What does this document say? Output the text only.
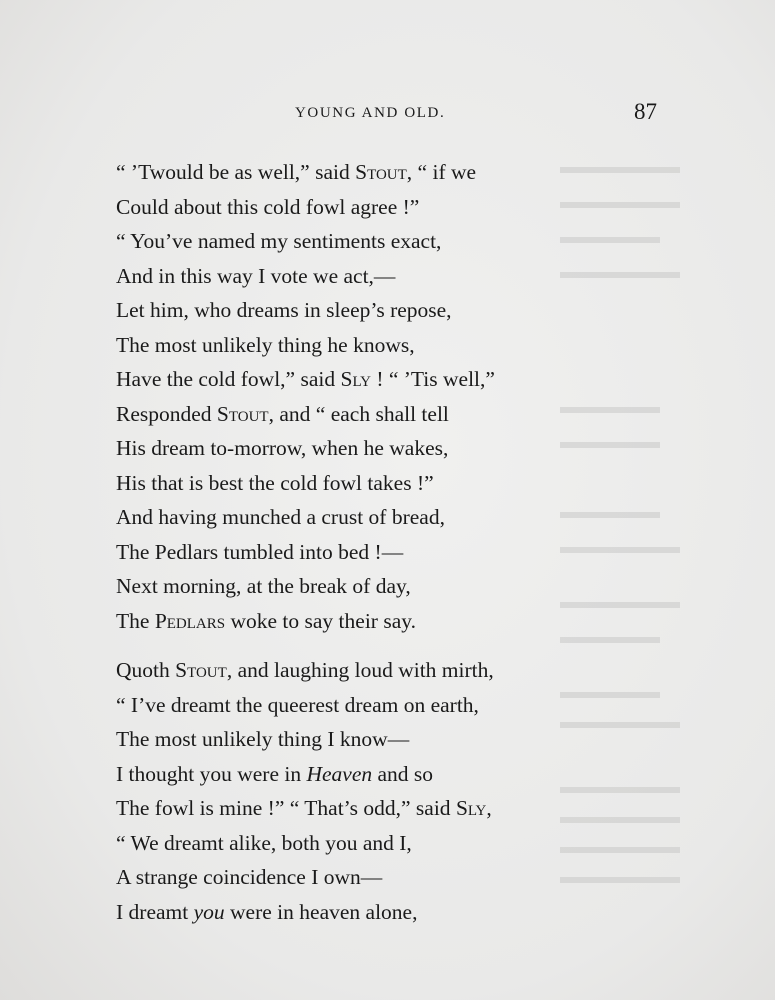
▬▬▬▬▬▬
▬▬▬▬▬▬
▬▬▬▬▬
▬▬▬▬▬▬
▬▬▬▬▬
▬▬▬▬▬
▬▬▬▬▬
▬▬▬▬▬▬
▬▬▬▬▬▬
▬▬▬▬▬
▬▬▬▬▬
▬▬▬▬▬▬
▬▬▬▬▬▬
▬▬▬▬▬▬
▬▬▬▬▬▬
▬▬▬▬▬▬
YOUNG AND OLD.	87
“ ’Twould be as well,” said Stout, “ if we
Could about this cold fowl agree !”
“ You’ve named my sentiments exact,
And in this way I vote we act,—
Let him, who dreams in sleep’s repose,
The most unlikely thing he knows,
Have the cold fowl,” said Sly ! “ ’Tis well,”
Responded Stout, and “ each shall tell
His dream to-morrow, when he wakes,
His that is best the cold fowl takes !”
And having munched a crust of bread,
The Pedlars tumbled into bed !—
Next morning, at the break of day,
The Pedlars woke to say their say.
Quoth Stout, and laughing loud with mirth,
“ I’ve dreamt the queerest dream on earth,
The most unlikely thing I know—
I thought you were in Heaven and so
The fowl is mine !” “ That’s odd,” said Sly,
“ We dreamt alike, both you and I,
A strange coincidence I own—
I dreamt you were in heaven alone,
